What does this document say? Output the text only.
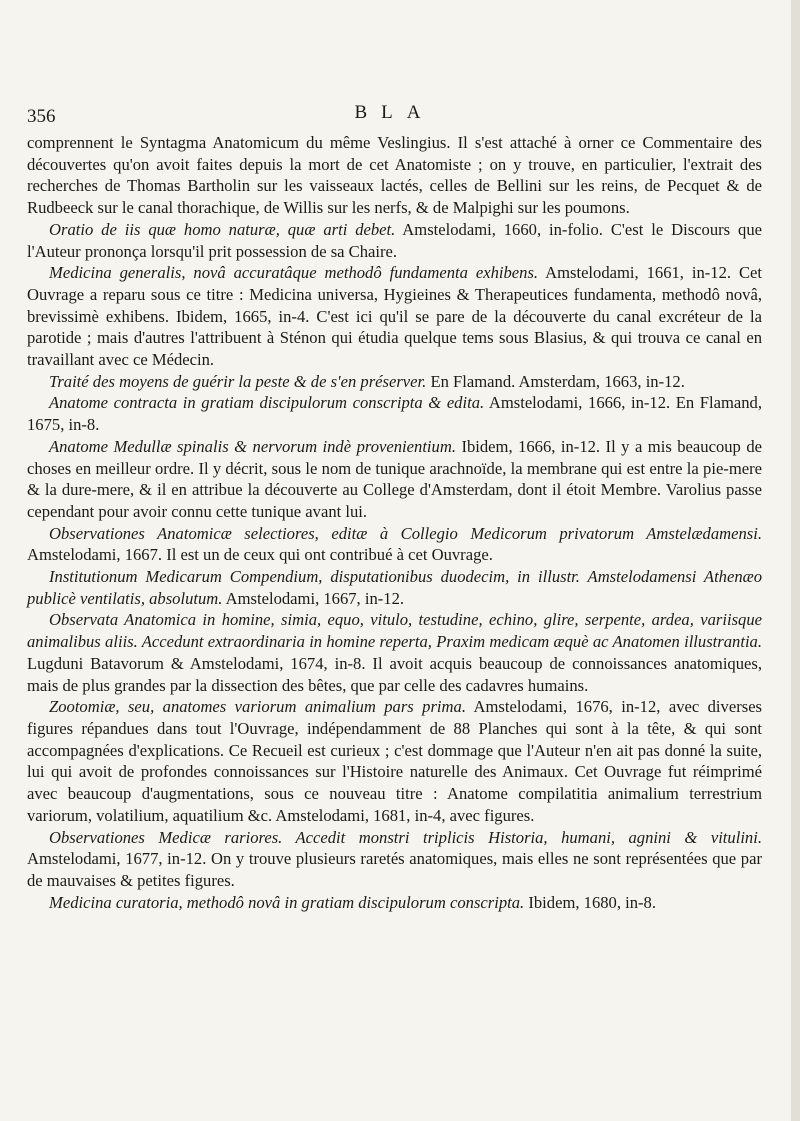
356	BLA

comprennent le Syntagma Anatomicum du même Veslingius. Il s'est attaché à orner ce Commentaire des découvertes qu'on avoit faites depuis la mort de cet Anatomiste ; on y trouve, en particulier, l'extrait des recherches de Thomas Bartholin sur les vaisseaux lactés, celles de Bellini sur les reins, de Pecquet & de Rudbeeck sur le canal thorachique, de Willis sur les nerfs, & de Malpighi sur les poumons.

Oratio de iis quæ homo naturæ, quæ arti debet. Amstelodami, 1660, in-folio. C'est le Discours que l'Auteur prononça lorsqu'il prit possession de sa Chaire.

Medicina generalis, novâ accuratâque methodô fundamenta exhibens. Amstelodami, 1661, in-12. Cet Ouvrage a reparu sous ce titre : Medicina universa, Hygieines & Therapeutices fundamenta, methodô novâ, brevissimè exhibens. Ibidem, 1665, in-4. C'est ici qu'il se pare de la découverte du canal excréteur de la parotide ; mais d'autres l'attribuent à Sténon qui étudia quelque tems sous Blasius, & qui trouva ce canal en travaillant avec ce Médecin.

Traité des moyens de guérir la peste & de s'en préserver. En Flamand. Amsterdam, 1663, in-12.

Anatome contracta in gratiam discipulorum conscripta & edita. Amstelodami, 1666, in-12. En Flamand, 1675, in-8.

Anatome Medullæ spinalis & nervorum indè provenientium. Ibidem, 1666, in-12. Il y a mis beaucoup de choses en meilleur ordre. Il y décrit, sous le nom de tunique arachnoïde, la membrane qui est entre la pie-mere & la dure-mere, & il en attribue la découverte au College d'Amsterdam, dont il étoit Membre. Varolius passe cependant pour avoir connu cette tunique avant lui.

Observationes Anatomicæ selectiores, editæ à Collegio Medicorum privatorum Amstelædamensi. Amstelodami, 1667. Il est un de ceux qui ont contribué à cet Ouvrage.

Institutionum Medicarum Compendium, disputationibus duodecim, in illustr. Amstelodamensi Athenæo publicè ventilatis, absolutum. Amstelodami, 1667, in-12.

Observata Anatomica in homine, simia, equo, vitulo, testudine, echino, glire, serpente, ardea, variisque animalibus aliis. Accedunt extraordinaria in homine reperta, Praxim medicam æquè ac Anatomen illustrantia. Lugduni Batavorum & Amstelodami, 1674, in-8. Il avoit acquis beaucoup de connoissances anatomiques, mais de plus grandes par la dissection des bêtes, que par celle des cadavres humains.

Zootomiæ, seu, anatomes variorum animalium pars prima. Amstelodami, 1676, in-12, avec diverses figures répandues dans tout l'Ouvrage, indépendamment de 88 Planches qui sont à la tête, & qui sont accompagnées d'explications. Ce Recueil est curieux ; c'est dommage que l'Auteur n'en ait pas donné la suite, lui qui avoit de profondes connoissances sur l'Histoire naturelle des Animaux. Cet Ouvrage fut réimprimé avec beaucoup d'augmentations, sous ce nouveau titre : Anatome compilatitia animalium terrestrium variorum, volatilium, aquatilium &c. Amstelodami, 1681, in-4, avec figures.

Observationes Medicæ rariores. Accedit monstri triplicis Historia, humani, agnini & vitulini. Amstelodami, 1677, in-12. On y trouve plusieurs raretés anatomiques, mais elles ne sont représentées que par de mauvaises & petites figures.

Medicina curatoria, methodô novâ in gratiam discipulorum conscripta. Ibidem, 1680, in-8.
